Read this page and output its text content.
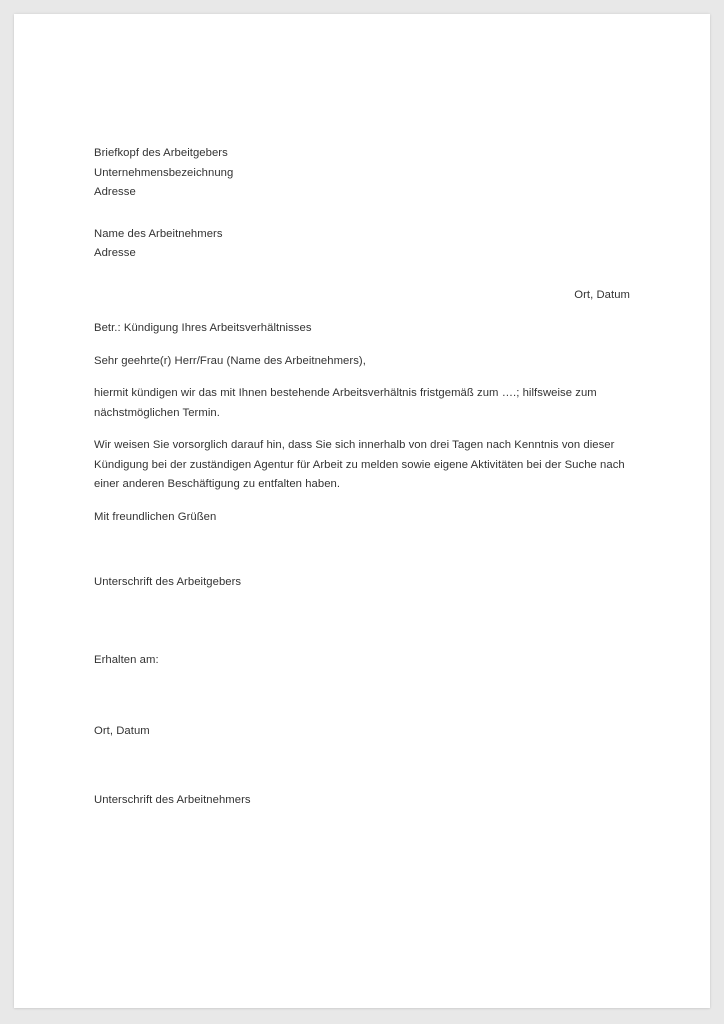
Briefkopf des Arbeitgebers
Unternehmensbezeichnung
Adresse
Name des Arbeitnehmers
Adresse
Ort, Datum

Betr.: Kündigung Ihres Arbeitsverhältnisses

Sehr geehrte(r) Herr/Frau (Name des Arbeitnehmers),

hiermit kündigen wir das mit Ihnen bestehende Arbeitsverhältnis fristgemäß zum ….; hilfsweise zum nächstmöglichen Termin.

Wir weisen Sie vorsorglich darauf hin, dass Sie sich innerhalb von drei Tagen nach Kenntnis von dieser Kündigung bei der zuständigen Agentur für Arbeit zu melden sowie eigene Aktivitäten bei der Suche nach einer anderen Beschäftigung zu entfalten haben.

Mit freundlichen Grüßen

Unterschrift des Arbeitgebers

Erhalten am:

Ort, Datum

Unterschrift des Arbeitnehmers
